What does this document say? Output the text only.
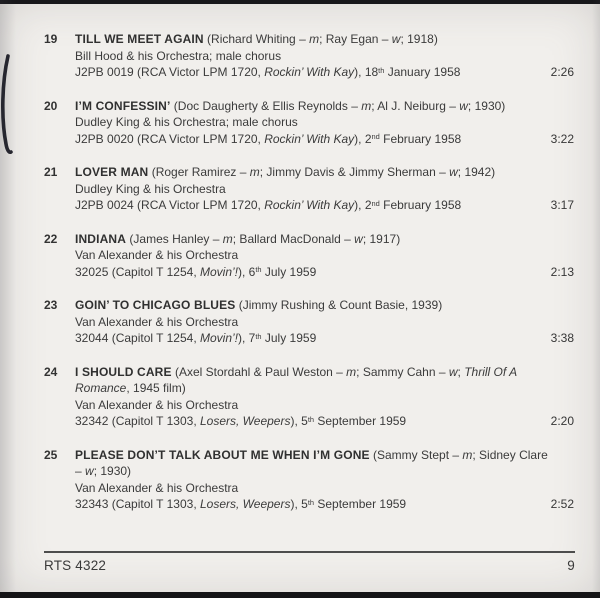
19	TILL WE MEET AGAIN (Richard Whiting – m; Ray Egan – w; 1918)
Bill Hood & his Orchestra; male chorus
J2PB 0019 (RCA Victor LPM 1720, Rockin’ With Kay), 18th January 1958	2:26
20	I’M CONFESSIN’ (Doc Daugherty & Ellis Reynolds – m; Al J. Neiburg – w; 1930)
Dudley King & his Orchestra; male chorus
J2PB 0020 (RCA Victor LPM 1720, Rockin’ With Kay), 2nd February 1958	3:22
21	LOVER MAN (Roger Ramirez – m; Jimmy Davis & Jimmy Sherman – w; 1942)
Dudley King & his Orchestra
J2PB 0024 (RCA Victor LPM 1720, Rockin’ With Kay), 2nd February 1958	3:17
22	INDIANA (James Hanley – m; Ballard MacDonald – w; 1917)
Van Alexander & his Orchestra
32025 (Capitol T 1254, Movin’!), 6th July 1959	2:13
23	GOIN’ TO CHICAGO BLUES (Jimmy Rushing & Count Basie, 1939)
Van Alexander & his Orchestra
32044 (Capitol T 1254, Movin’!), 7th July 1959	3:38
24	I SHOULD CARE (Axel Stordahl & Paul Weston – m; Sammy Cahn – w; Thrill Of A
Romance, 1945 film)
Van Alexander & his Orchestra
32342 (Capitol T 1303, Losers, Weepers), 5th September 1959	2:20
25	PLEASE DON’T TALK ABOUT ME WHEN I’M GONE (Sammy Stept – m; Sidney Clare
– w; 1930)
Van Alexander & his Orchestra
32343 (Capitol T 1303, Losers, Weepers), 5th September 1959	2:52
RTS 4322	9
